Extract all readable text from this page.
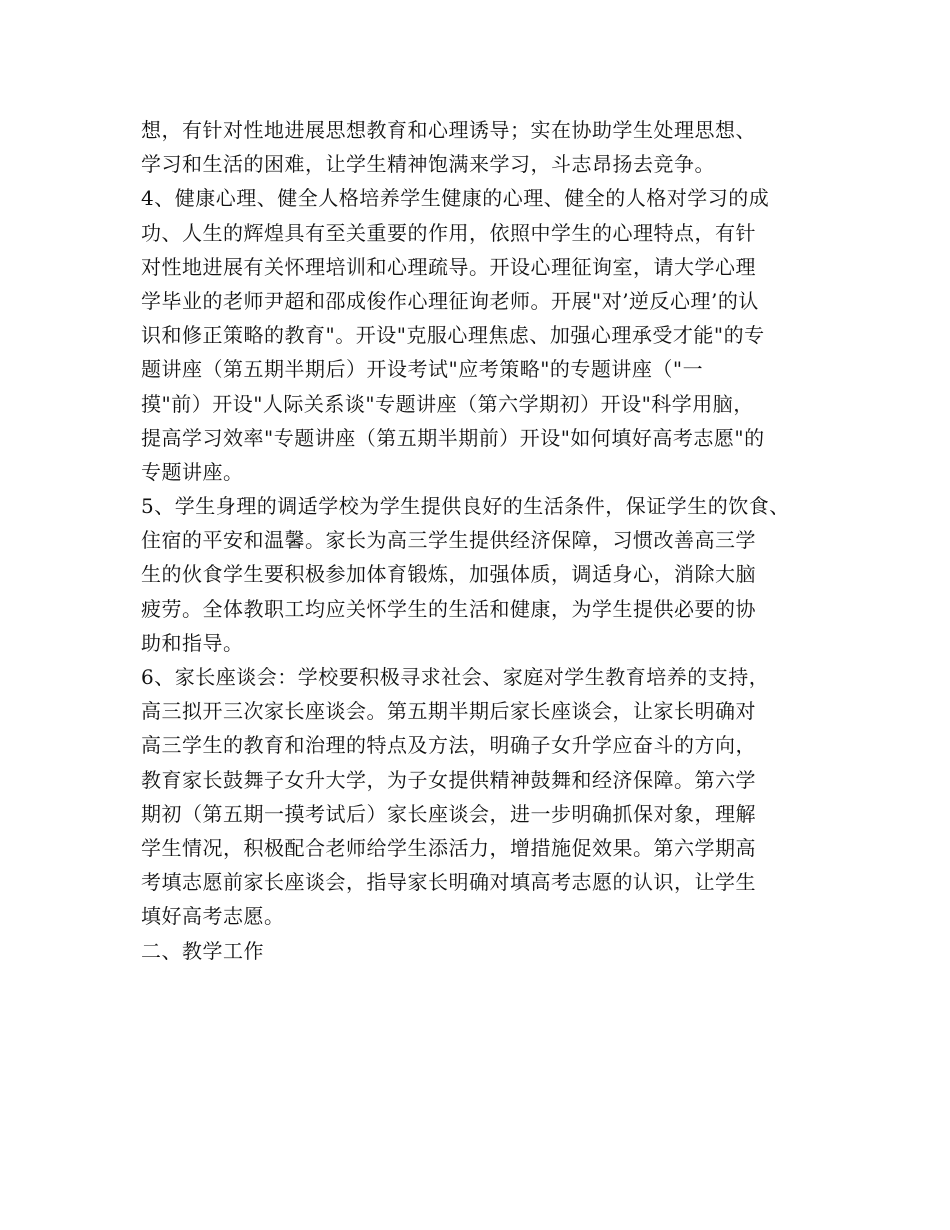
想，有针对性地进展思想教育和心理诱导；实在协助学生处理思想、
学习和生活的困难，让学生精神饱满来学习，斗志昂扬去竞争。
4、健康心理、健全人格培养学生健康的心理、健全的人格对学习的成
功、人生的辉煌具有至关重要的作用，依照中学生的心理特点，有针
对性地进展有关怀理培训和心理疏导。开设心理征询室，请大学心理
学毕业的老师尹超和邵成俊作心理征询老师。开展"对’逆反心理’的认
识和修正策略的教育"。开设"克服心理焦虑、加强心理承受才能"的专
题讲座（第五期半期后）开设考试"应考策略"的专题讲座（"一
摸"前）开设"人际关系谈"专题讲座（第六学期初）开设"科学用脑，
提高学习效率"专题讲座（第五期半期前）开设"如何填好高考志愿"的
专题讲座。
5、学生身理的调适学校为学生提供良好的生活条件，保证学生的饮食、
住宿的平安和温馨。家长为高三学生提供经济保障，习惯改善高三学
生的伙食学生要积极参加体育锻炼，加强体质，调适身心，消除大脑
疲劳。全体教职工均应关怀学生的生活和健康，为学生提供必要的协
助和指导。
6、家长座谈会：学校要积极寻求社会、家庭对学生教育培养的支持，
高三拟开三次家长座谈会。第五期半期后家长座谈会，让家长明确对
高三学生的教育和治理的特点及方法，明确子女升学应奋斗的方向，
教育家长鼓舞子女升大学，为子女提供精神鼓舞和经济保障。第六学
期初（第五期一摸考试后）家长座谈会，进一步明确抓保对象，理解
学生情况，积极配合老师给学生添活力，增措施促效果。第六学期高
考填志愿前家长座谈会，指导家长明确对填高考志愿的认识，让学生
填好高考志愿。
二、教学工作
